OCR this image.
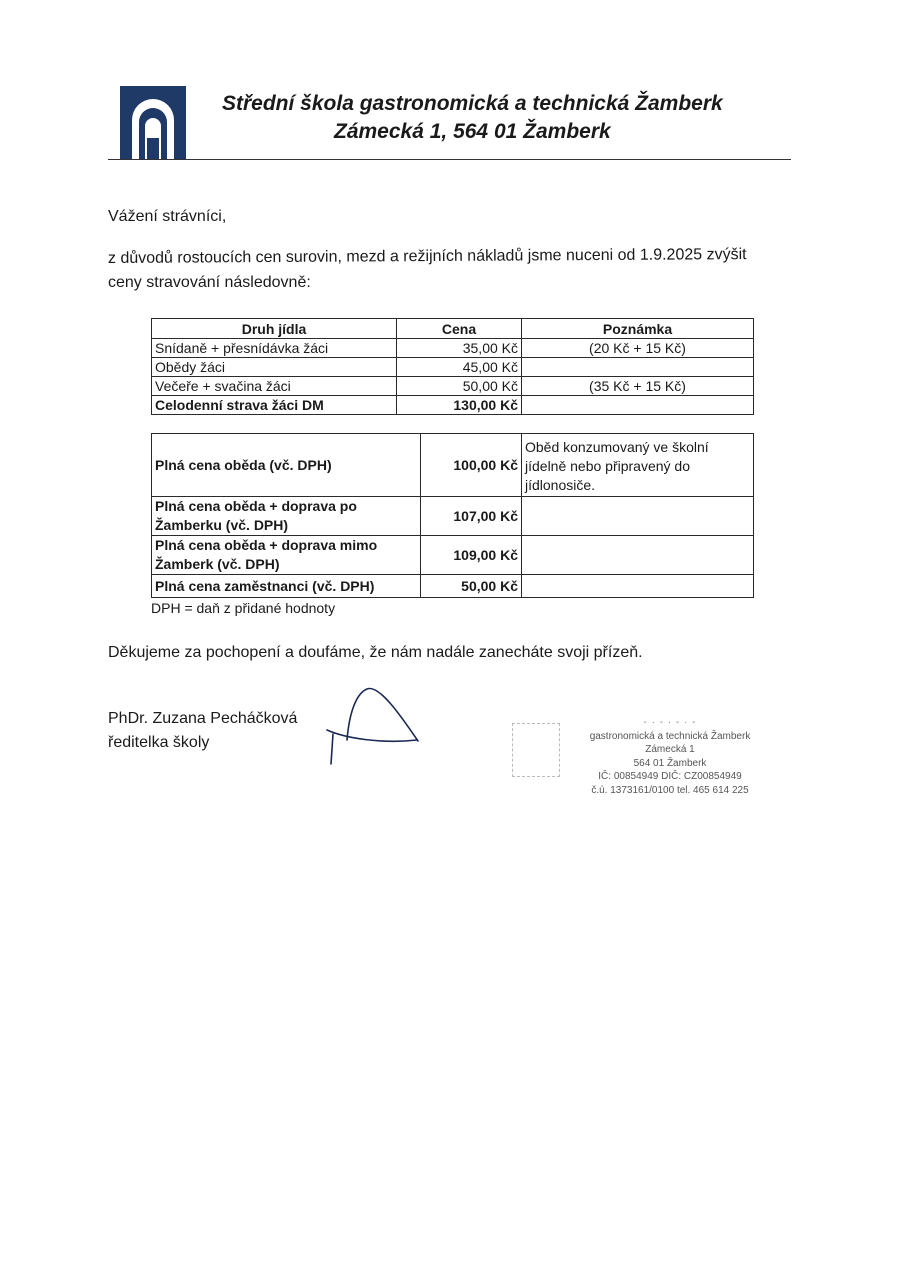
Střední škola gastronomická a technická Žamberk
Zámecká 1, 564 01 Žamberk
Vážení strávníci,
z důvodů rostoucích cen surovin, mezd a režijních nákladů jsme nuceni od 1.9.2025 zvýšit
ceny stravování následovně:
Druh jídla	Cena	Poznámka
Snídaně + přesnídávka žáci	35,00 Kč	(20 Kč + 15 Kč)
Obědy žáci	45,00 Kč	
Večeře + svačina žáci	50,00 Kč	(35 Kč + 15 Kč)
Celodenní strava žáci DM	130,00 Kč	
Plná cena oběda (vč. DPH)	100,00 Kč	Oběd konzumovaný ve školní jídelně nebo připravený do jídlonosiče.
Plná cena oběda + doprava po Žamberku (vč. DPH)	107,00 Kč	
Plná cena oběda + doprava mimo Žamberk (vč. DPH)	109,00 Kč	
Plná cena zaměstnanci (vč. DPH)	50,00 Kč	
DPH = daň z přidané hodnoty
Děkujeme za pochopení a doufáme, že nám nadále zanecháte svoji přízeň.
PhDr. Zuzana Pecháčková
ředitelka školy
- · - · - · -
gastronomická a technická Žamberk
Zámecká 1
564 01 Žamberk
IČ: 00854949 DIČ: CZ00854949
č.ú. 1373161/0100 tel. 465 614 225
